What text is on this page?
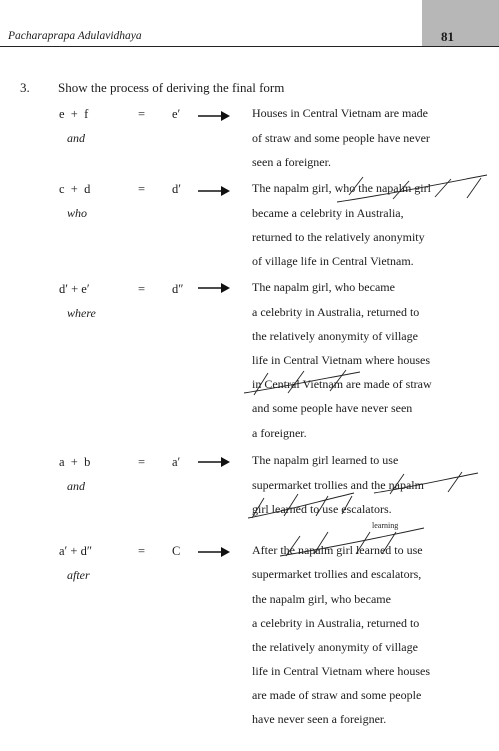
81
Pacharaprapa Adulavidhaya
3. Show the process of deriving the final form
e  +  f
and
= e′	Houses in Central Vietnam are made
of straw and some people have never
seen a foreigner.
c  +  d
who
= d′	The napalm girl, who the napalm girl
became a celebrity in Australia,
returned to the relatively anonymity
of village life in Central Vietnam.
d′ + e′
where
= d″	The napalm girl, who became
a celebrity in Australia, returned to
the relatively anonymity of village
life in Central Vietnam where houses
in Central Vietnam are made of straw
and some people have never seen
a foreigner.
a  +  b
and
= a′	The napalm girl learned to use
supermarket trollies and the napalm
girl learned to use escalators.
learning
a′ + d″
after
= C	After the napalm girl learned to use
supermarket trollies and escalators,
the napalm girl, who became
a celebrity in Australia, returned to
the relatively anonymity of village
life in Central Vietnam where houses
are made of straw and some people
have never seen a foreigner.
